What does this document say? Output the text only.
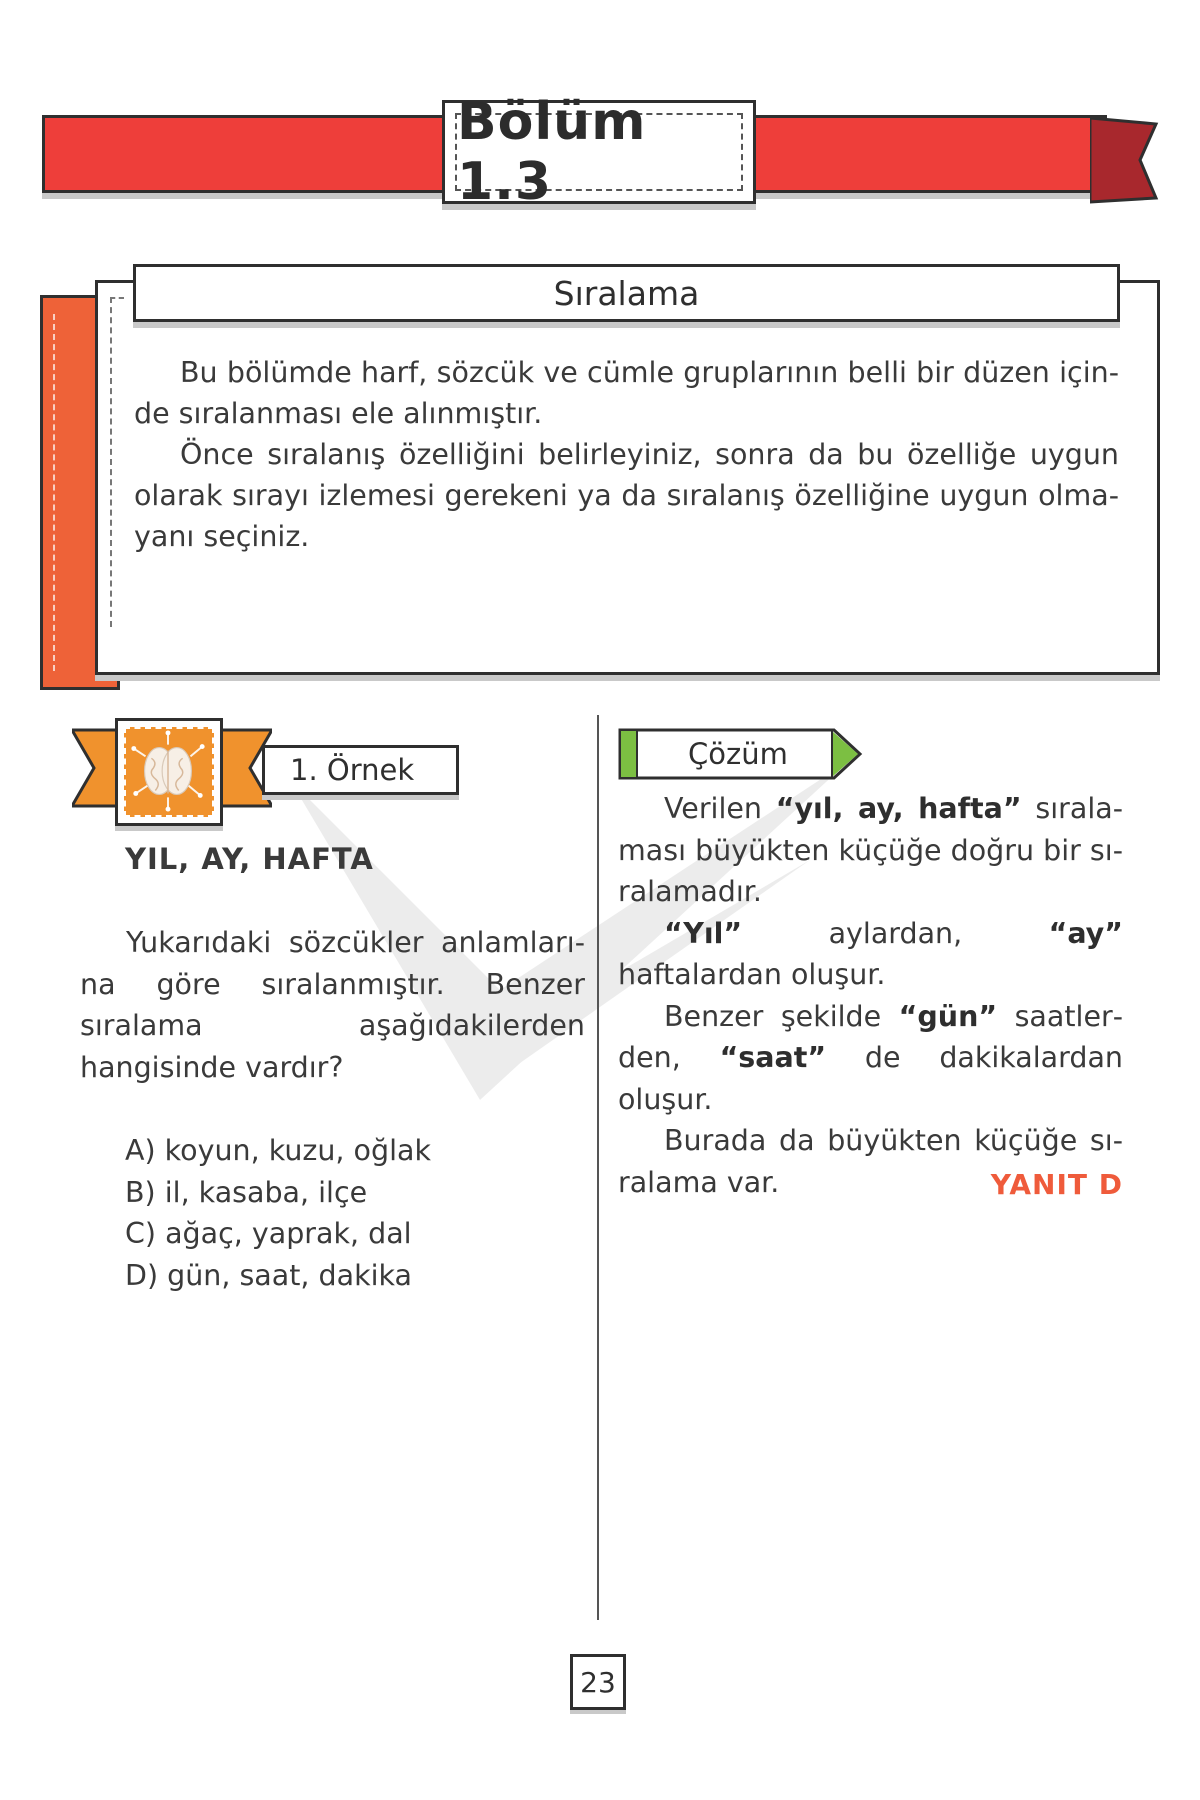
Bölüm 1.3
Sıralama

Bu bölümde harf, sözcük ve cümle gruplarının belli bir düzen içinde sıralanması ele alınmıştır.

Önce sıralanış özelliğini belirleyiniz, sonra da bu özelliğe uygun olarak sırayı izlemesi gerekeni ya da sıralanış özelliğine uygun olmayanı seçiniz.

1. Örnek
YIL, AY, HAFTA

Yukarıdaki sözcükler anlamlarına göre sıralanmıştır. Benzer sıralama aşağıdakilerden hangisinde vardır?

A) koyun, kuzu, oğlak
B) il, kasaba, ilçe
C) ağaç, yaprak, dal
D) gün, saat, dakika
Çözüm

Verilen “yıl, ay, hafta” sıralaması büyükten küçüğe doğru bir sıralamadır.

“Yıl” aylardan, “ay” haftalardan oluşur.

Benzer şekilde “gün” saatlerden, “saat” de dakikalardan oluşur.

Burada da büyükten küçüğe sıralama var.	YANIT D
23
